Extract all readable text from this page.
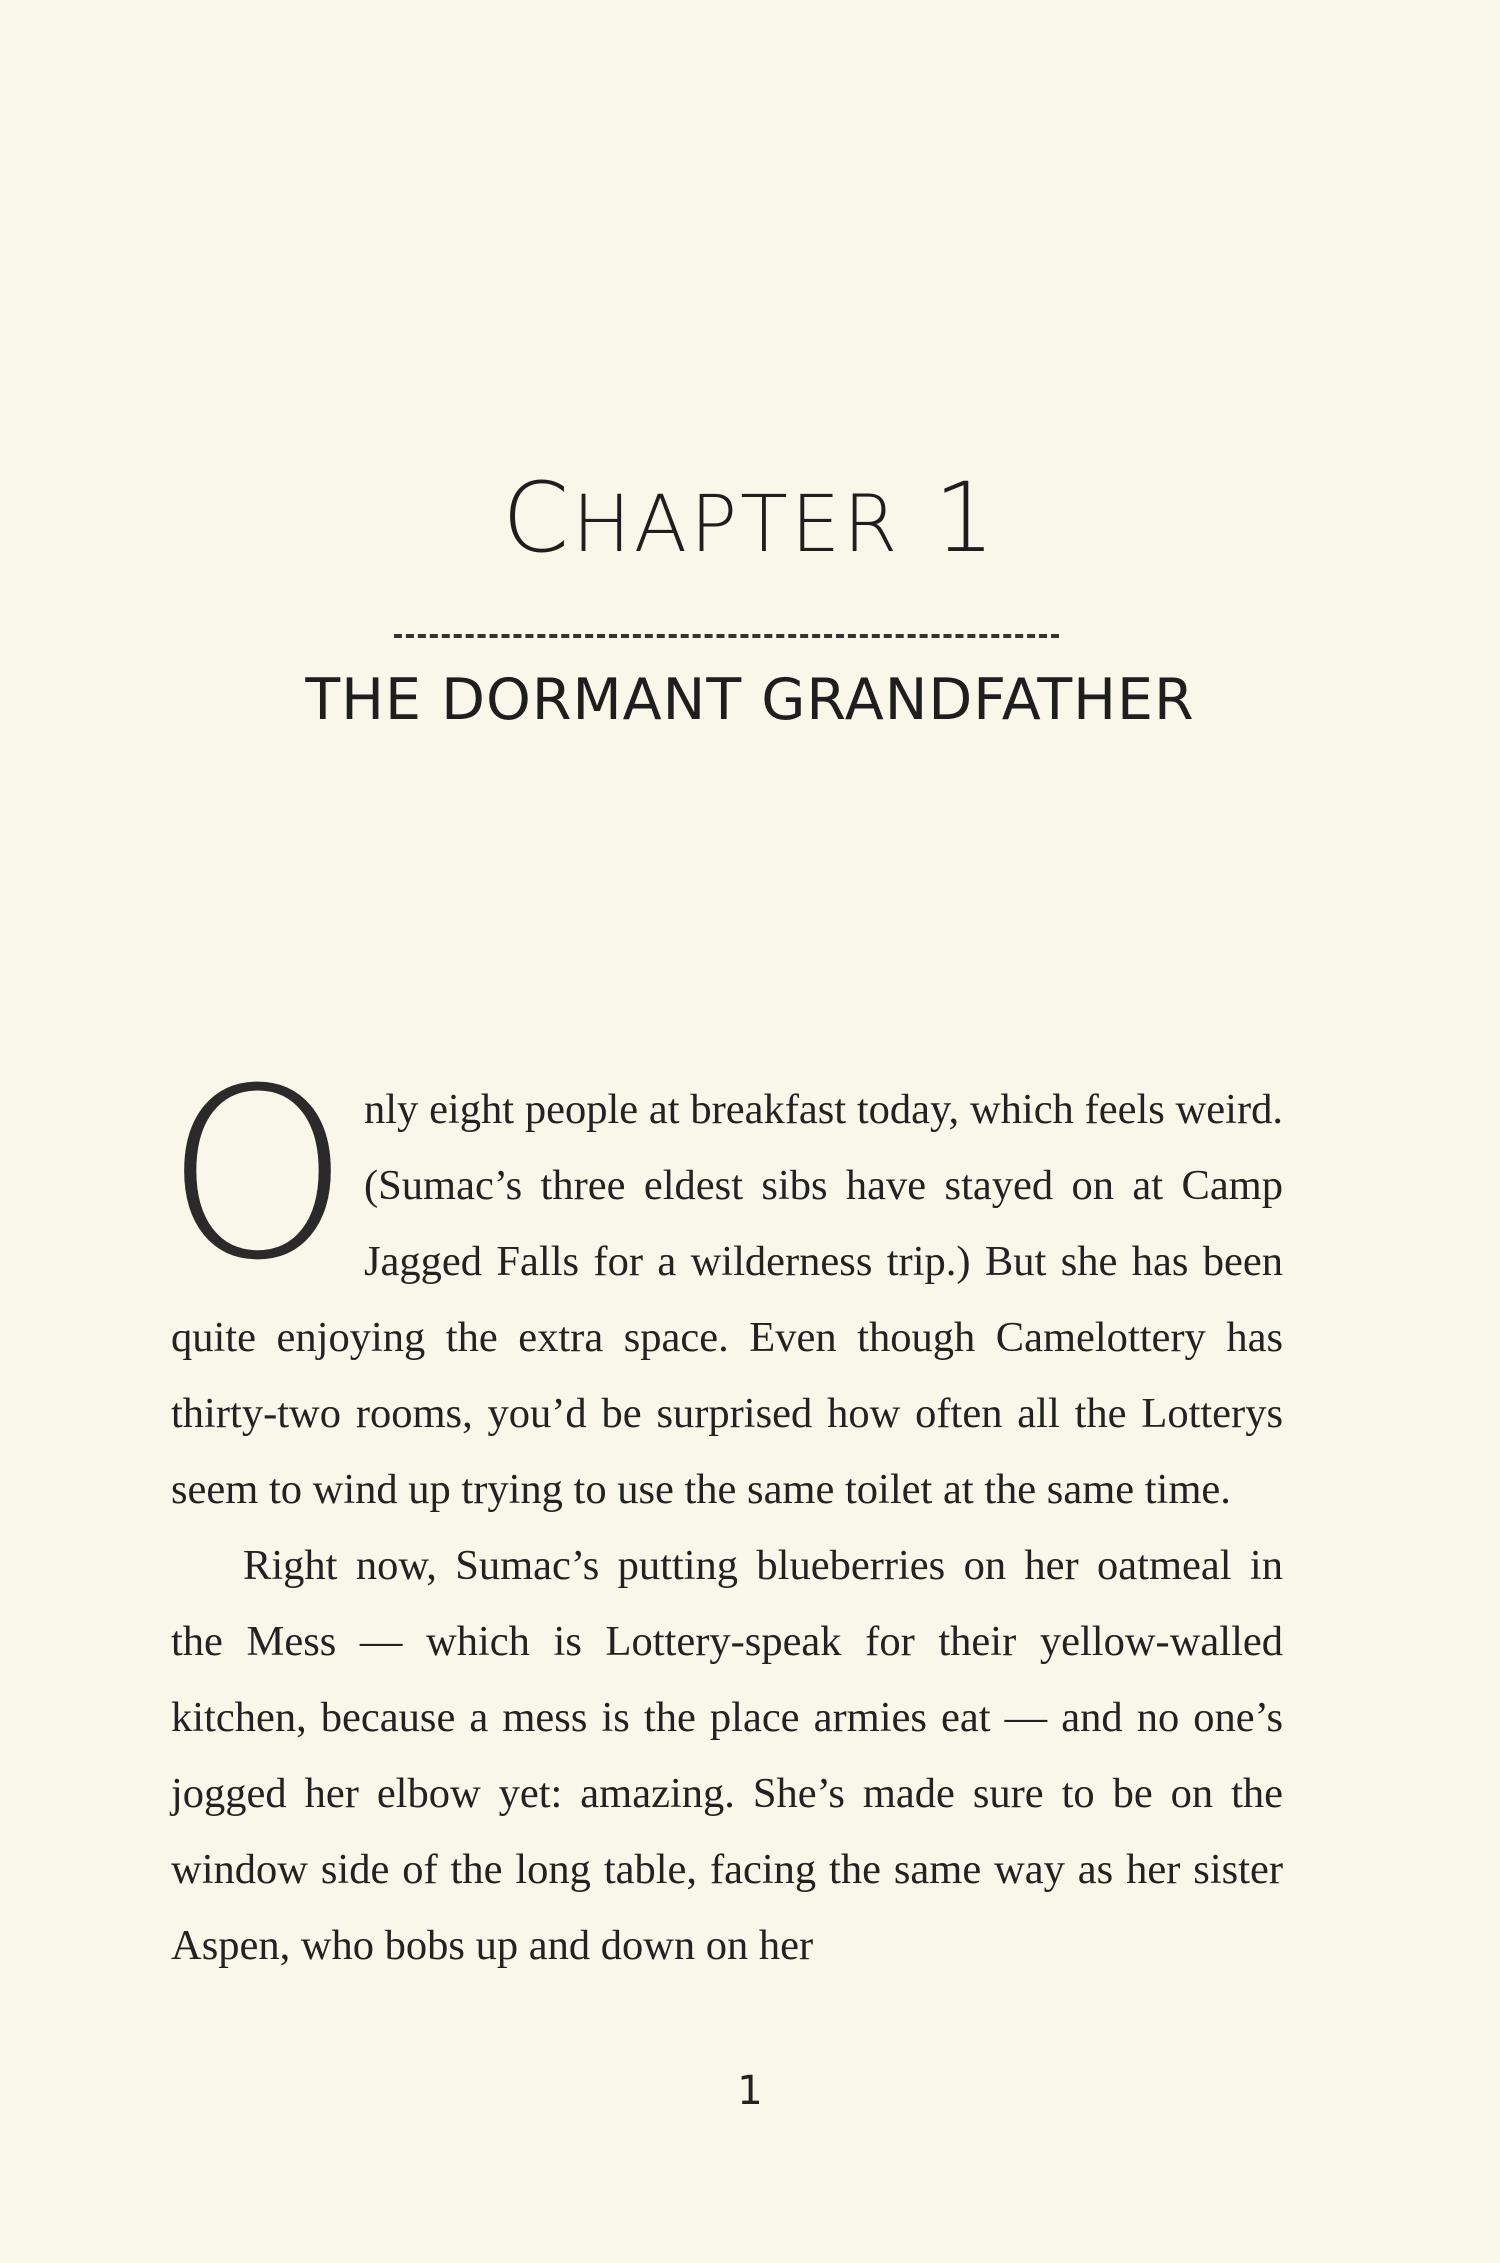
CHAPTER 1
THE DORMANT GRANDFATHER

Only eight people at breakfast today, which feels weird. (Sumac’s three eldest sibs have stayed on at Camp Jagged Falls for a wilderness trip.) But she has been quite enjoying the extra space. Even though Camelottery has thirty-two rooms, you’d be surprised how often all the Lotterys seem to wind up trying to use the same toilet at the same time.

Right now, Sumac’s putting blueberries on her oatmeal in the Mess — which is Lottery-speak for their yellow-walled kitchen, because a mess is the place armies eat — and no one’s jogged her elbow yet: amazing. She’s made sure to be on the window side of the long table, facing the same way as her sister Aspen, who bobs up and down on her

1
